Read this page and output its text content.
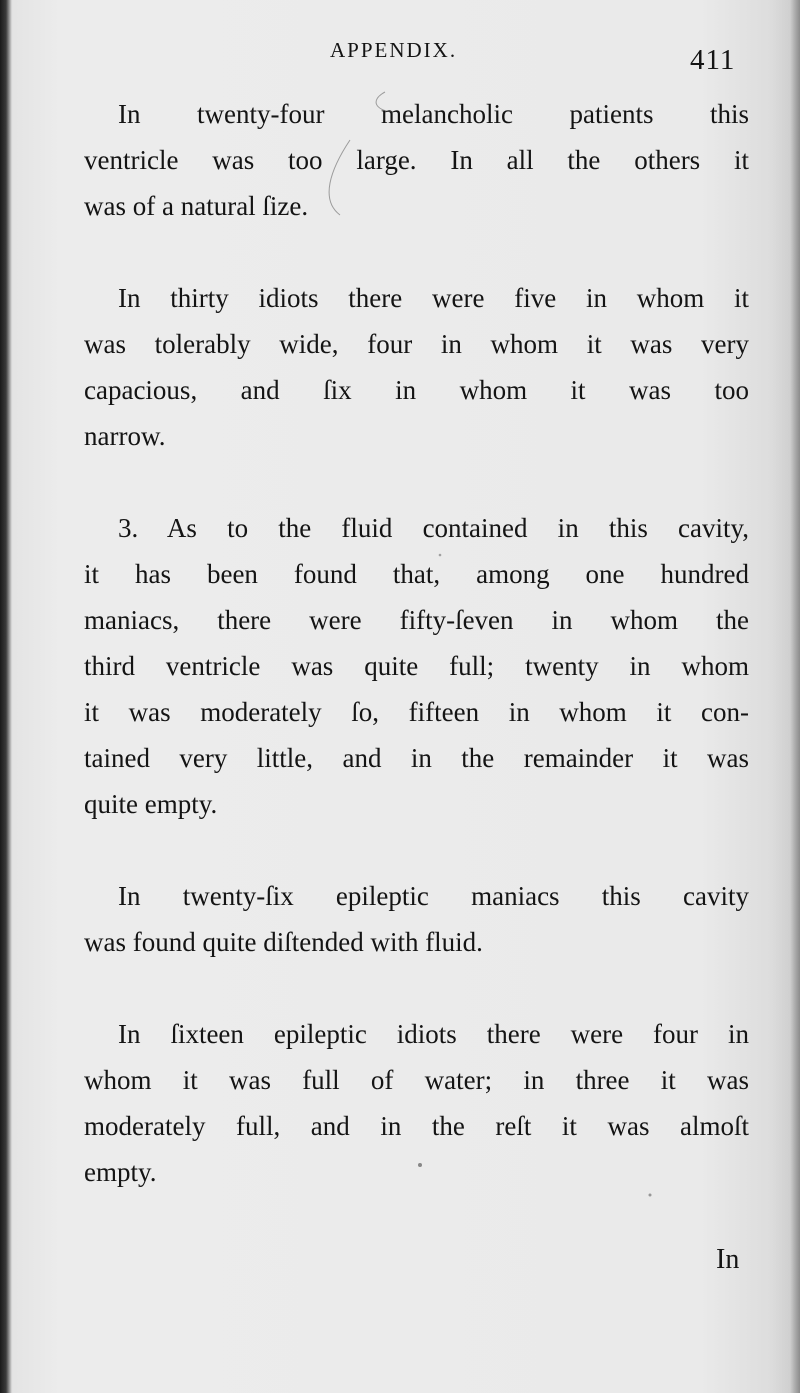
APPENDIX.	411
In twenty-four melancholic patients this
ventricle was too large. In all the others it
was of a natural ſize.
In thirty idiots there were five in whom it
was tolerably wide, four in whom it was very
capacious, and ſix in whom it was too
narrow.
3. As to the fluid contained in this cavity,
it has been found that, among one hundred
maniacs, there were fifty-ſeven in whom the
third ventricle was quite full; twenty in whom
it was moderately ſo, fifteen in whom it con-
tained very little, and in the remainder it was
quite empty.
In twenty-ſix epileptic maniacs this cavity
was found quite diſtended with fluid.
In ſixteen epileptic idiots there were four in
whom it was full of water; in three it was
moderately full, and in the reſt it was almoſt
empty.
In
